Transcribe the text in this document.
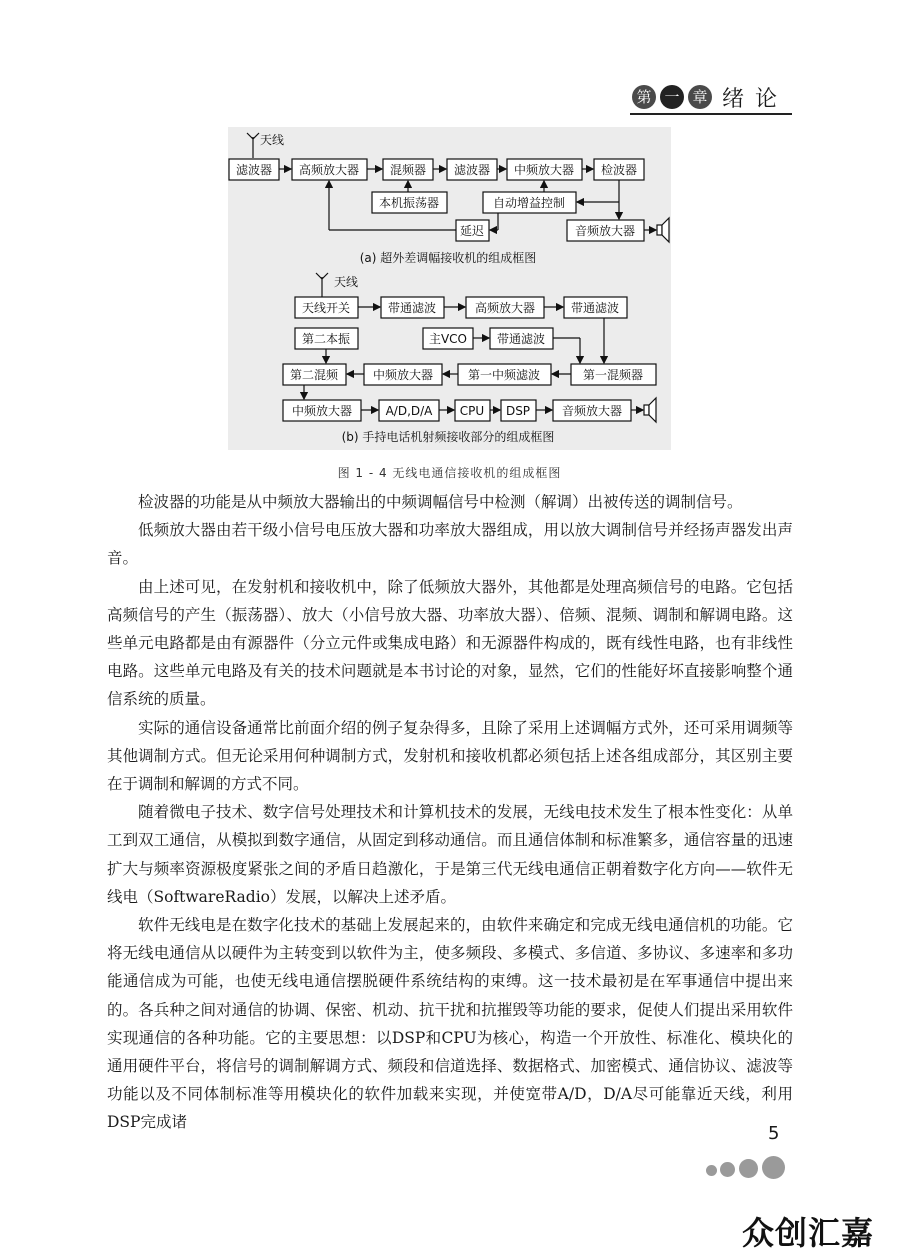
第 一 章 绪 论
天线
滤波器 高频放大器	混频器 滤波器 中频放大器 检波器
本机振荡器	自动增益控制
延迟	音频放大器
(a) 超外差调幅接收机的组成框图
天线
天线开关	带通滤波	高频放大器	带通滤波
第二本振	主VCO 带通滤波
第二混频	中频放大器	第一中频滤波	第一混频器
中频放大器	A/D,D/A CPU DSP	音频放大器
(b) 手持电话机射频接收部分的组成框图
图 1 - 4 无线电通信接收机的组成框图

检波器的功能是从中频放大器输出的中频调幅信号中检测（解调）出被传送的调制信号。

低频放大器由若干级小信号电压放大器和功率放大器组成，用以放大调制信号并经扬声器发出声音。

由上述可见，在发射机和接收机中，除了低频放大器外，其他都是处理高频信号的电路。它包括高频信号的产生（振荡器）、放大（小信号放大器、功率放大器）、倍频、混频、调制和解调电路。这些单元电路都是由有源器件（分立元件或集成电路）和无源器件构成的，既有线性电路，也有非线性电路。这些单元电路及有关的技术问题就是本书讨论的对象，显然，它们的性能好坏直接影响整个通信系统的质量。

实际的通信设备通常比前面介绍的例子复杂得多，且除了采用上述调幅方式外，还可采用调频等其他调制方式。但无论采用何种调制方式，发射机和接收机都必须包括上述各组成部分，其区别主要在于调制和解调的方式不同。

随着微电子技术、数字信号处理技术和计算机技术的发展，无线电技术发生了根本性变化：从单工到双工通信，从模拟到数字通信，从固定到移动通信。而且通信体制和标准繁多，通信容量的迅速扩大与频率资源极度紧张之间的矛盾日趋激化，于是第三代无线电通信正朝着数字化方向——软件无线电（SoftwareRadio）发展，以解决上述矛盾。

软件无线电是在数字化技术的基础上发展起来的，由软件来确定和完成无线电通信机的功能。它将无线电通信从以硬件为主转变到以软件为主，使多频段、多模式、多信道、多协议、多速率和多功能通信成为可能，也使无线电通信摆脱硬件系统结构的束缚。这一技术最初是在军事通信中提出来的。各兵种之间对通信的协调、保密、机动、抗干扰和抗摧毁等功能的要求，促使人们提出采用软件实现通信的各种功能。它的主要思想：以DSP和CPU为核心，构造一个开放性、标准化、模块化的通用硬件平台，将信号的调制解调方式、频段和信道选择、数据格式、加密模式、通信协议、滤波等功能以及不同体制标准等用模块化的软件加载来实现，并使宽带A/D，D/A尽可能靠近天线，利用DSP完成诸

5
众创汇嘉
